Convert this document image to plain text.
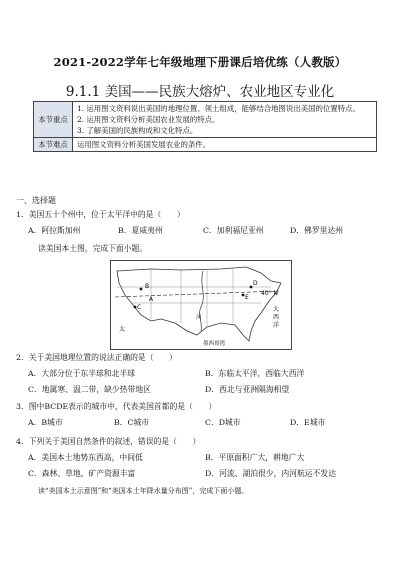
2021-2022学年七年级地理下册课后培优练（人教版）
9.1.1 美国——民族大熔炉、农业地区专业化
本节重点	1. 运用图文资料说出美国的地理位置、领土组成，能够结合地图说出美国的位置特点。
2. 运用图文资料分析美国农业发展的特点。
3. 了解美国的民族构成和文化特点。

本节难点	运用图文资料分析美国发展农业的条件。
一、选择题
1．美国五十个州中，位于太平洋中的是（　　）
A．阿拉斯加州	B．夏威夷州	C．加利福尼亚州	D．佛罗里达州
读美国本土图，完成下面小题。
B
C
D
E
A
40° N
大
西
洋
太
墨西哥湾
河
2．关于美国地理位置的说法正确的是（　　）
A．大部分位于东半球和北半球	B．东临太平洋，西临大西洋
C．地属寒、温二带，缺少热带地区	D．西北与亚洲隔海相望
3．图中BCDE表示的城市中，代表美国首都的是（　　）
A．B城市	B．C城市	C．D城市	D．E城市
4．下列关于美国自然条件的叙述，错误的是（　　）
A．美国本土地势东西高，中间低	B．平原面积广大，耕地广大
C．森林、草地，矿产资源丰富	D．河流、湖泊很少，内河航运不发达
读“美国本土示意图”和“美国本土年降水量分布图”，完成下面小题。
